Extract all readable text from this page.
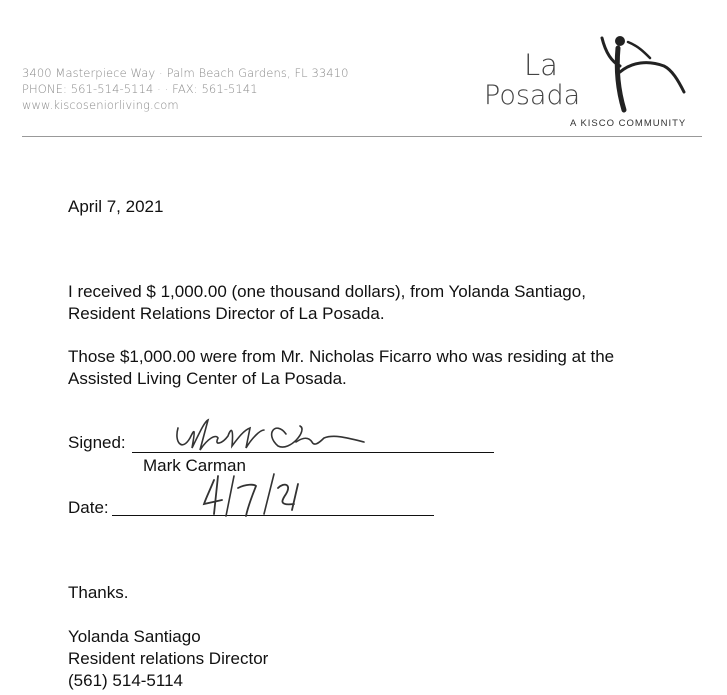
3400 Masterpiece Way · Palm Beach Gardens, FL 33410
PHONE: 561-514-5114 · · FAX: 561-5141
www.kiscoseniorliving.com
La
Posada
A KISCO COMMUNITY
April 7, 2021
I received $ 1,000.00 (one thousand dollars), from Yolanda Santiago,
Resident Relations Director of La Posada.
Those $1,000.00 were from Mr. Nicholas Ficarro who was residing at the
Assisted Living Center of La Posada.
Signed:
Mark Carman
Date:
Thanks.
Yolanda Santiago
Resident relations Director
(561) 514-5114
